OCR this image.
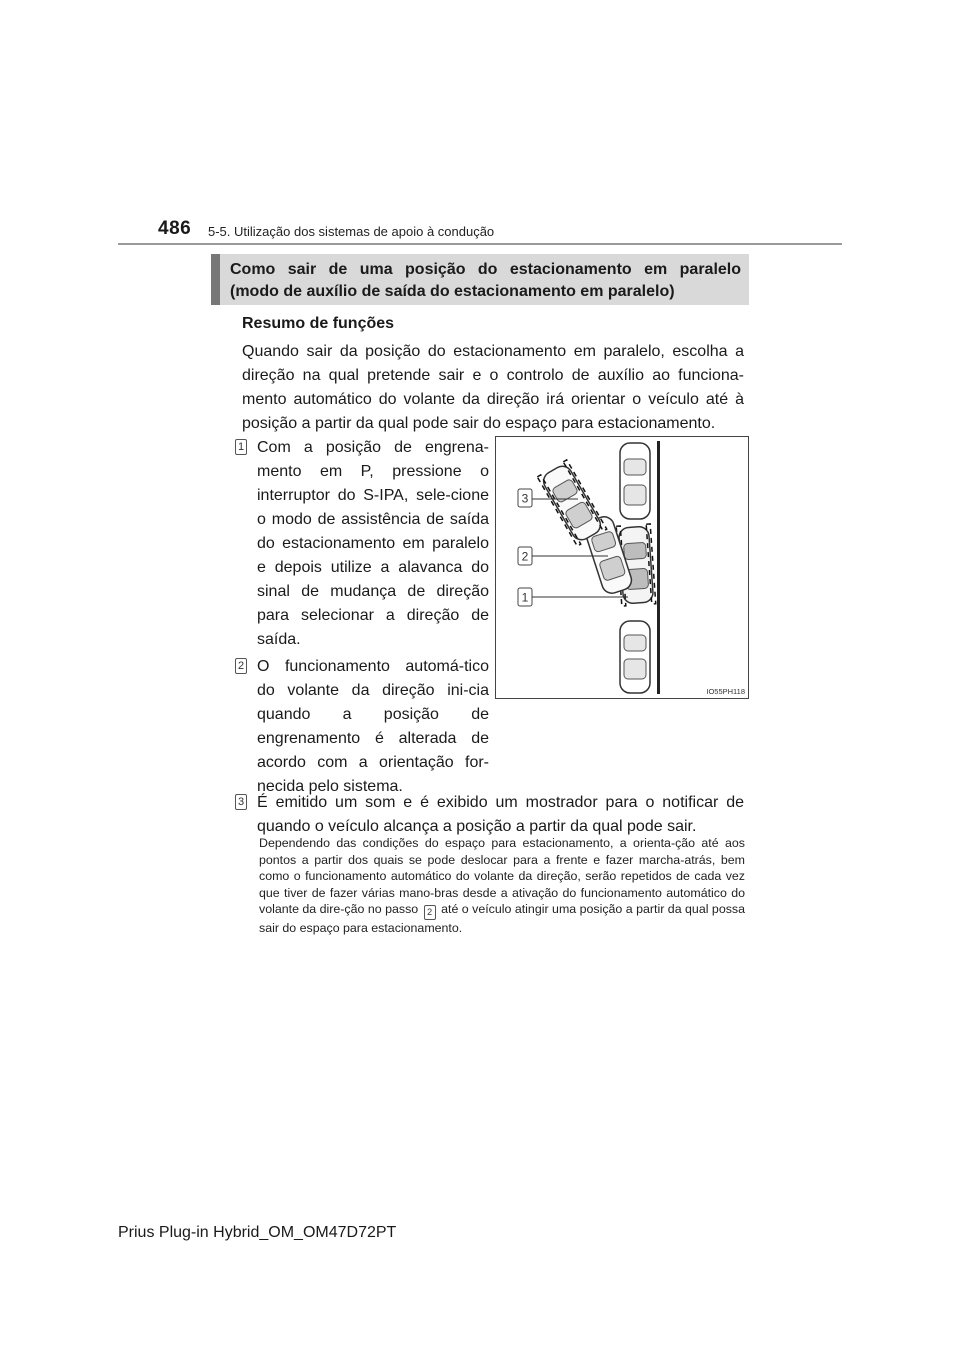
486 5-5. Utilização dos sistemas de apoio à condução
Como sair de uma posição do estacionamento em paralelo
(modo de auxílio de saída do estacionamento em paralelo)
Resumo de funções
Quando sair da posição do estacionamento em paralelo, escolha a direção na qual pretende sair e o controlo de auxílio ao funciona-mento automático do volante da direção irá orientar o veículo até à posição a partir da qual pode sair do espaço para estacionamento.
1 Com a posição de engrena-mento em P, pressione o interruptor do S-IPA, sele-cione o modo de assistência de saída do estacionamento em paralelo e depois utilize a alavanca do sinal de mudança de direção para selecionar a direção de saída.
2 O funcionamento automá-tico do volante da direção ini-cia quando a posição de engrenamento é alterada de acordo com a orientação for-necida pelo sistema.
3 É emitido um som e é exibido um mostrador para o notificar de quando o veículo alcança a posição a partir da qual pode sair.
3
2
1
IO55PH118
Dependendo das condições do espaço para estacionamento, a orienta-ção até aos pontos a partir dos quais se pode deslocar para a frente e fazer marcha-atrás, bem como o funcionamento automático do volante da direção, serão repetidos de cada vez que tiver de fazer várias mano-bras desde a ativação do funcionamento automático do volante da dire-ção no passo 2 até o veículo atingir uma posição a partir da qual possa sair do espaço para estacionamento.
Prius Plug-in Hybrid_OM_OM47D72PT
